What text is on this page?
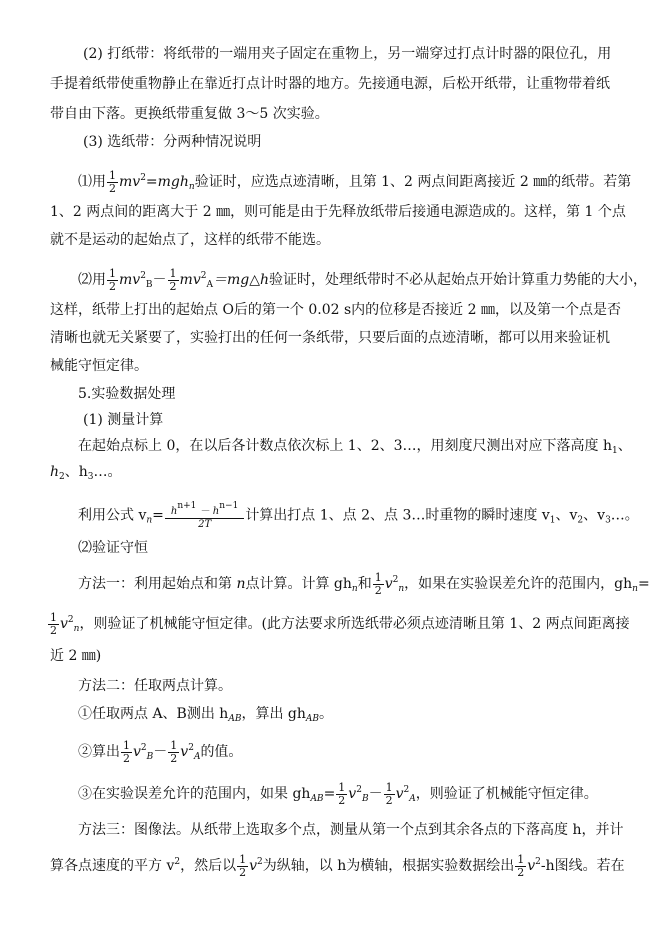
(2) 打纸带：将纸带的一端用夹子固定在重物上，另一端穿过打点计时器的限位孔，用
手提着纸带使重物静止在靠近打点计时器的地方。先接通电源，后松开纸带，让重物带着纸
带自由下落。更换纸带重复做 3～5 次实验。
(3) 选纸带：分两种情况说明
⑴用 $\frac{1}{2} mv^2=mgh_n$验证时，应选点迹清晰，且第 1、2 两点间距离接近 2 ㎜的纸带。若第
1、2 两点间的距离大于 2 ㎜，则可能是由于先释放纸带后接通电源造成的。这样，第 1 个点
就不是运动的起始点了，这样的纸带不能选。
⑵用 $\frac{1}{2} mv^2_B- \frac{1}{2}$ $mv^2_A=mg\triangle h$验证时，处理纸带时不必从起始点开始计算重力势能的大小，
这样，纸带上打出的起始点 O后的第一个 0.02 s内的位移是否接近 2 ㎜，以及第一个点是否
清晰也就无关紧要了，实验打出的任何一条纸带，只要后面的点迹清晰，都可以用来验证机
械能守恒定律。
5.实验数据处理
(1) 测量计算
在起始点标上 0，在以后各计数点依次标上 1、2、3…，用刻度尺测出对应下落高度 $h_1$、
$h_2$、$h_3\dots$。
利用公式 $v_n= \frac{h^{n+1} - h^{n-1}}{2T}$ 计算出打点 1、点 2、点 3…时重物的瞬时速度 $v_1$、$v_2$、$v_3\dots$。
⑵验证守恒
方法一：利用起始点和第 n点计算。计算 $gh_n$和 $\frac{1}{2} v^2_n$，如果在实验误差允许的范围内，$gh_n=$
$\frac{1}{2} v^2_n$，则验证了机械能守恒定律。(此方法要求所选纸带必须点迹清晰且第 1、2 两点间距离接
近 2 ㎜)
方法二：任取两点计算。
①任取两点 A、B测出 $h_{AB}$，算出 $gh_{AB}$。
②算出 $\frac{1}{2} v^2_B- \frac{1}{2} v^2_A$的值。
③在实验误差允许的范围内，如果 $gh_{AB}= \frac{1}{2} v^2_B- \frac{1}{2} v^2_A$，则验证了机械能守恒定律。
方法三：图像法。从纸带上选取多个点，测量从第一个点到其余各点的下落高度 h，并计
算各点速度的平方 $v^2$，然后以 $\frac{1}{2} v^2$为纵轴，以 h为横轴，根据实验数据绘出 $\frac{1}{2} v^2-h$图线。若在
